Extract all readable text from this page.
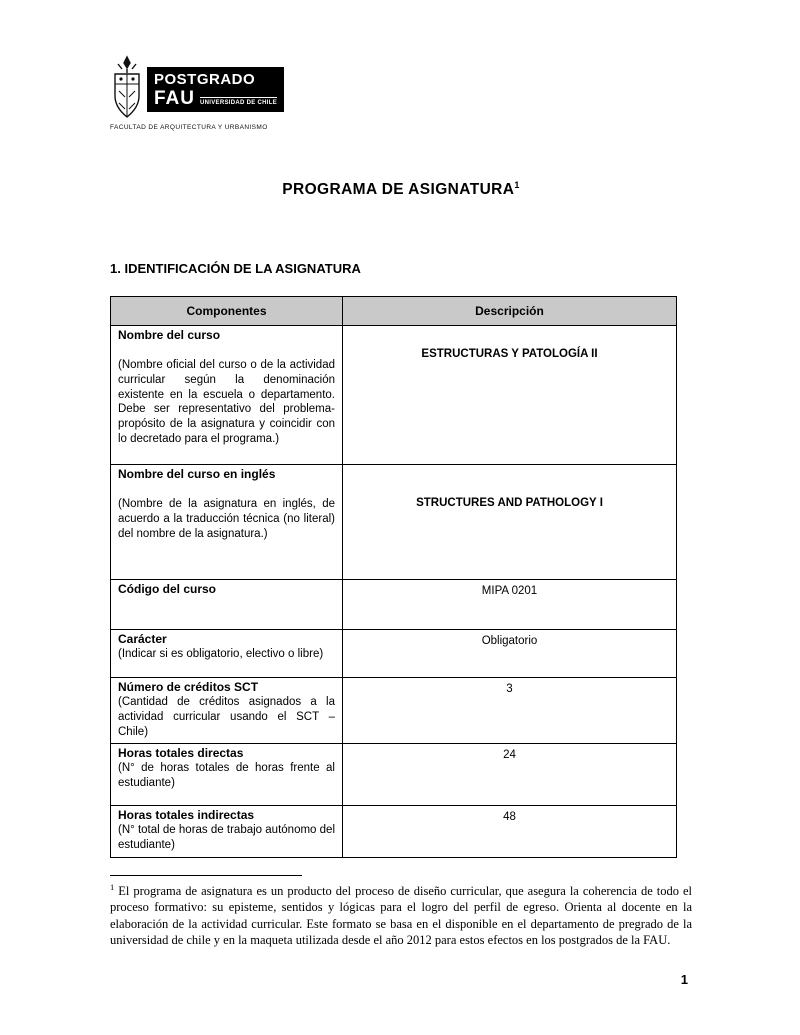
POSTGRADO
FAU UNIVERSIDAD DE CHILE
FACULTAD DE ARQUITECTURA Y URBANISMO
PROGRAMA DE ASIGNATURA$^1$
1. IDENTIFICACIÓN DE LA ASIGNATURA
Componentes	Descripción

Nombre del curso
(Nombre oficial del curso o de la actividad curricular según la denominación existente en la escuela o departamento. Debe ser representativo del problema-propósito de la asignatura y coincidir con lo decretado para el programa.)	ESTRUCTURAS Y PATOLOGÍA II

Nombre del curso en inglés
(Nombre de la asignatura en inglés, de acuerdo a la traducción técnica (no literal) del nombre de la asignatura.)	STRUCTURES AND PATHOLOGY I

Código del curso	MIPA 0201

Carácter
(Indicar si es obligatorio, electivo o libre)	Obligatorio

Número de créditos SCT
(Cantidad de créditos asignados a la actividad curricular usando el SCT – Chile)	3

Horas totales directas
(N° de horas totales de horas frente al estudiante)	24

Horas totales indirectas
(N° total de horas de trabajo autónomo del estudiante)	48

$^1$ El programa de asignatura es un producto del proceso de diseño curricular, que asegura la coherencia de todo el proceso formativo: su episteme, sentidos y lógicas para el logro del perfil de egreso. Orienta al docente en la elaboración de la actividad curricular. Este formato se basa en el disponible en el departamento de pregrado de la universidad de chile y en la maqueta utilizada desde el año 2012 para estos efectos en los postgrados de la FAU.

1
